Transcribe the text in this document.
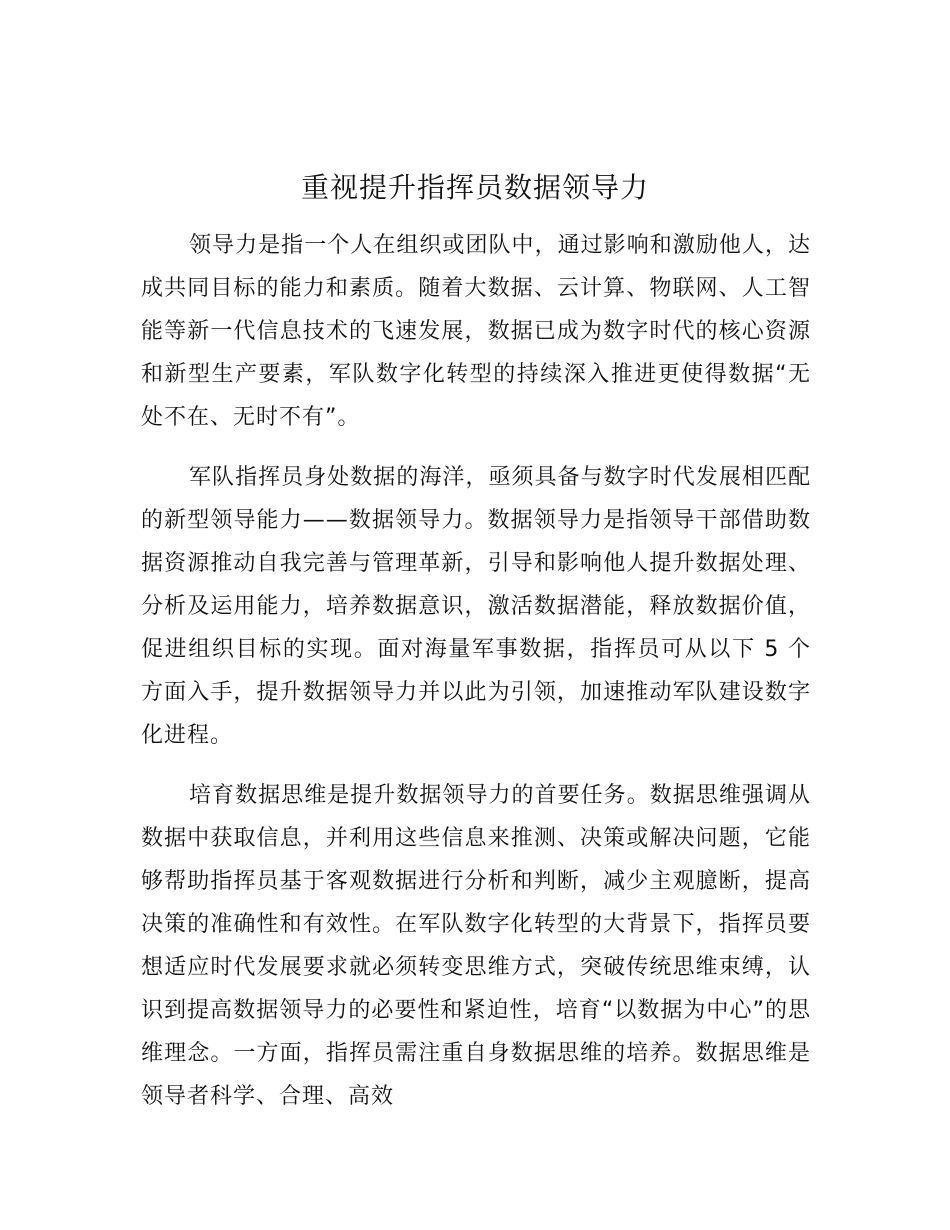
重视提升指挥员数据领导力

领导力是指一个人在组织或团队中，通过影响和激励他人，达成共同目标的能力和素质。随着大数据、云计算、物联网、人工智能等新一代信息技术的飞速发展，数据已成为数字时代的核心资源和新型生产要素，军队数字化转型的持续深入推进更使得数据“无处不在、无时不有”。

军队指挥员身处数据的海洋，亟须具备与数字时代发展相匹配的新型领导能力——数据领导力。数据领导力是指领导干部借助数据资源推动自我完善与管理革新，引导和影响他人提升数据处理、分析及运用能力，培养数据意识，激活数据潜能，释放数据价值，促进组织目标的实现。面对海量军事数据，指挥员可从以下 5 个方面入手，提升数据领导力并以此为引领，加速推动军队建设数字化进程。

培育数据思维是提升数据领导力的首要任务。数据思维强调从数据中获取信息，并利用这些信息来推测、决策或解决问题，它能够帮助指挥员基于客观数据进行分析和判断，减少主观臆断，提高决策的准确性和有效性。在军队数字化转型的大背景下，指挥员要想适应时代发展要求就必须转变思维方式，突破传统思维束缚，认识到提高数据领导力的必要性和紧迫性，培育“以数据为中心”的思维理念。一方面，指挥员需注重自身数据思维的培养。数据思维是领导者科学、合理、高效
